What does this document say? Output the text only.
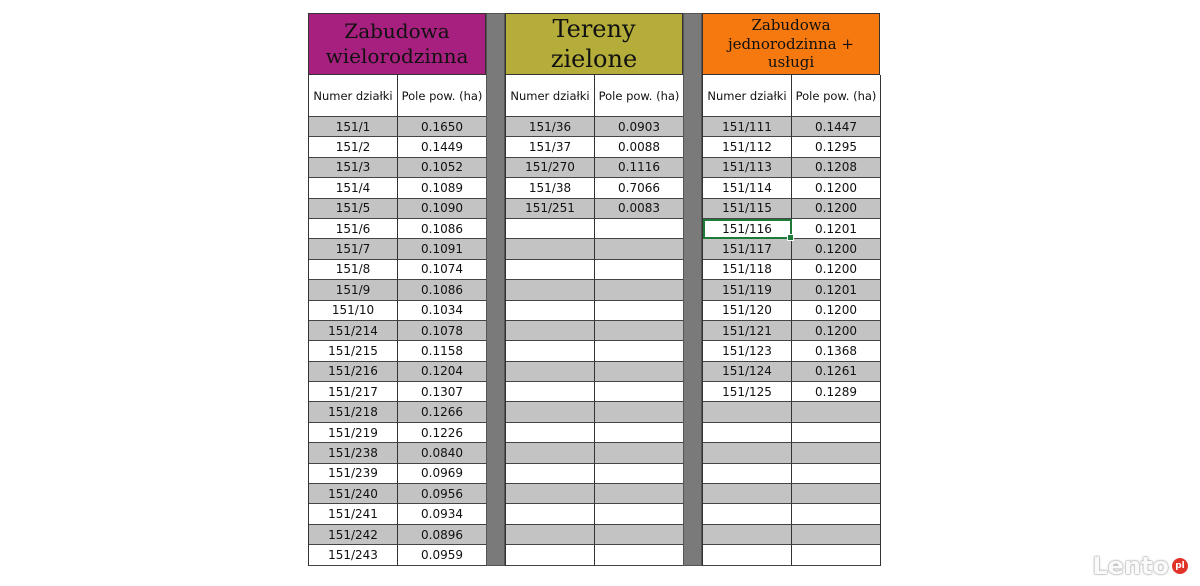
Zabudowa
wielorodzinna
Numer działki Pole pow. (ha)
151/1	0.1650
151/2	0.1449
151/3	0.1052
151/4	0.1089
151/5	0.1090
151/6	0.1086
151/7	0.1091
151/8	0.1074
151/9	0.1086
151/10	0.1034
151/214	0.1078
151/215	0.1158
151/216	0.1204
151/217	0.1307
151/218	0.1266
151/219	0.1226
151/238	0.0840
151/239	0.0969
151/240	0.0956
151/241	0.0934
151/242	0.0896
151/243	0.0959
Tereny zielone
Numer działki Pole pow. (ha)
151/36	0.0903
151/37	0.0088
151/270	0.1116
151/38	0.7066
151/251	0.0083
Zabudowa
jednorodzinna + usługi
Numer działki Pole pow. (ha)
151/111	0.1447
151/112	0.1295
151/113	0.1208
151/114	0.1200
151/115	0.1200
151/116	0.1201
151/117	0.1200
151/118	0.1200
151/119	0.1201
151/120	0.1200
151/121	0.1200
151/123	0.1368
151/124	0.1261
151/125	0.1289
Lento pl
